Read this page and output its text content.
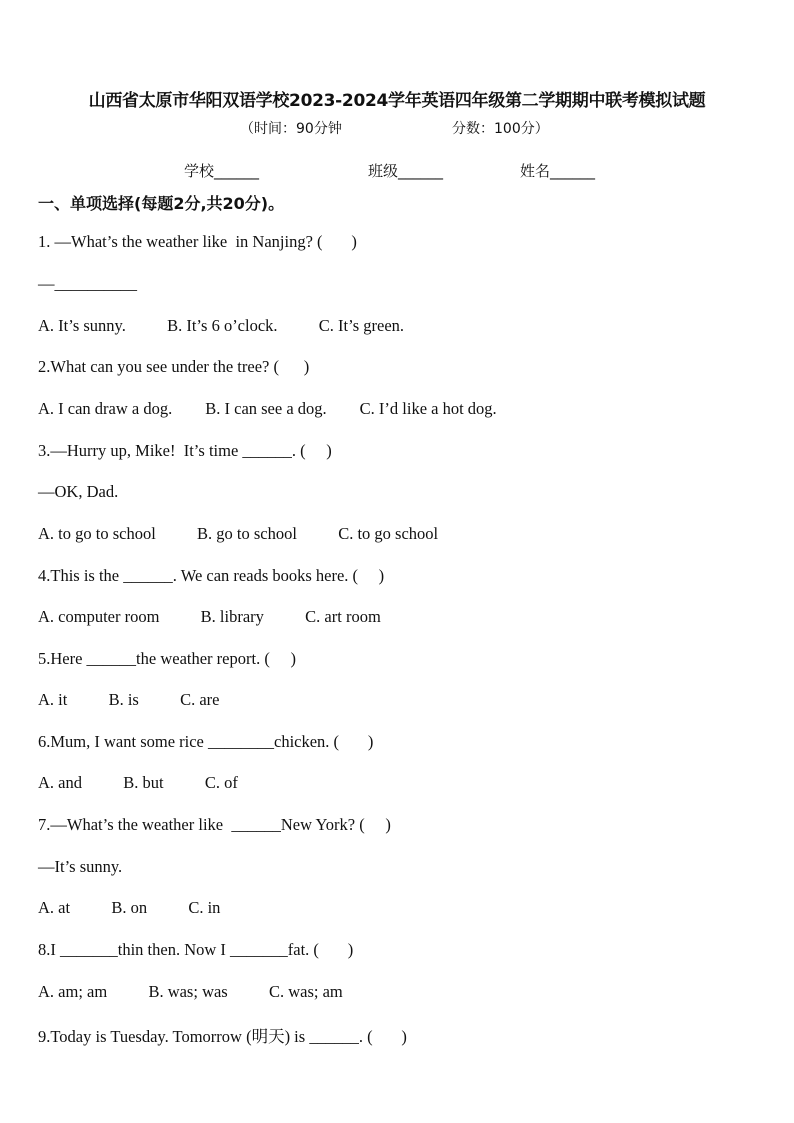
山西省太原市华阳双语学校2023-2024学年英语四年级第二学期期中联考模拟试题
（时间：90分钟	分数：100分）
学校______	班级______	姓名______
一、单项选择(每题2分,共20分)。
1. —What’s the weather like  in Nanjing? (       )
—__________
A. It’s sunny.          B. It’s 6 o’clock.          C. It’s green.
2.What can you see under the tree? (      )
A. I can draw a dog.        B. I can see a dog.        C. I’d like a hot dog.
3.—Hurry up, Mike!  It’s time ______. (     )
—OK, Dad.
A. to go to school          B. go to school          C. to go school
4.This is the ______. We can reads books here. (     )
A. computer room          B. library          C. art room
5.Here ______the weather report. (     )
A. it          B. is          C. are
6.Mum, I want some rice ________chicken. (       )
A. and          B. but          C. of
7.—What’s the weather like  ______New York? (     )
—It’s sunny.
A. at          B. on          C. in
8.I _______thin then. Now I _______fat. (       )
A. am; am          B. was; was          C. was; am
9.Today is Tuesday. Tomorrow (明天) is ______. (       )
